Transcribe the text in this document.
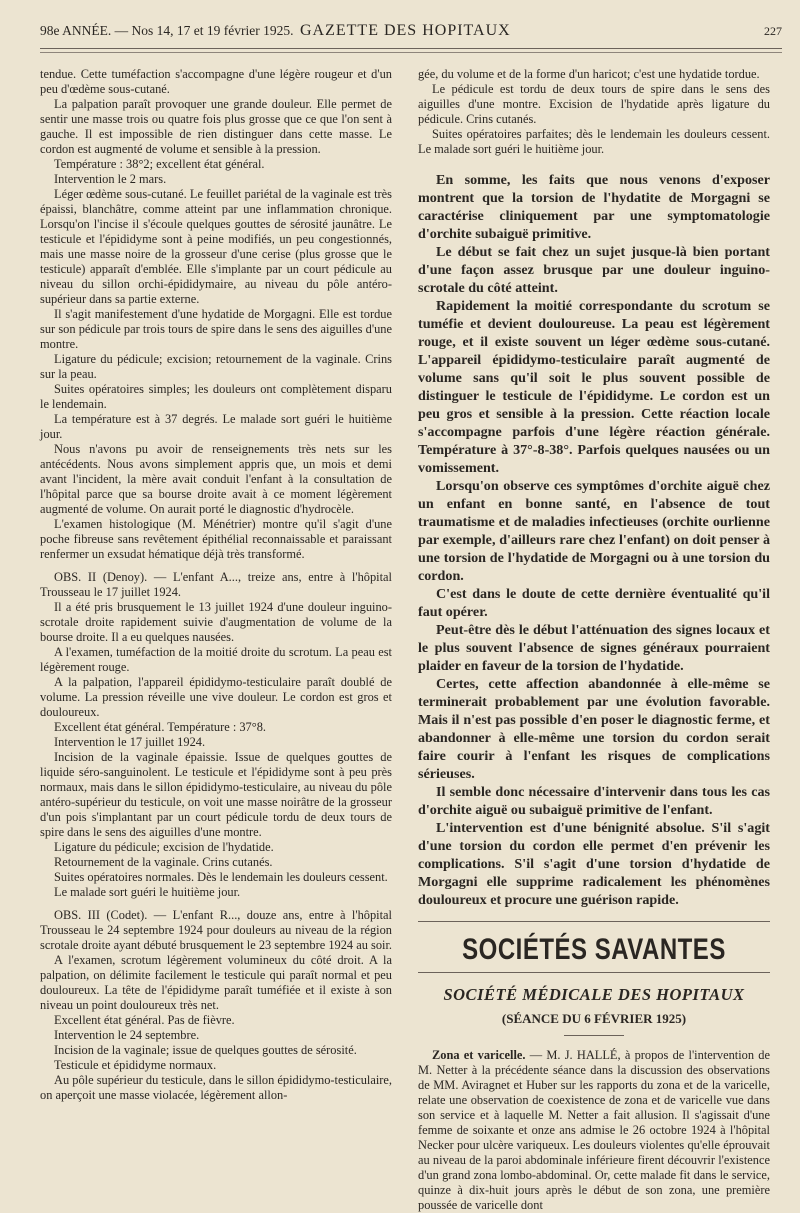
98e ANNÉE. — Nos 14, 17 et 19 février 1925. GAZETTE DES HOPITAUX	227

tendue. Cette tuméfaction s'accompagne d'une légère rougeur et d'un peu d'œdème sous-cutané.

La palpation paraît provoquer une grande douleur. Elle permet de sentir une masse trois ou quatre fois plus grosse que ce que l'on sent à gauche. Il est impossible de rien distinguer dans cette masse. Le cordon est augmenté de volume et sensible à la pression.

Température : 38°2; excellent état général.

Intervention le 2 mars.

Léger œdème sous-cutané. Le feuillet pariétal de la vaginale est très épaissi, blanchâtre, comme atteint par une inflammation chronique. Lorsqu'on l'incise il s'écoule quelques gouttes de sérosité jaunâtre. Le testicule et l'épididyme sont à peine modifiés, un peu congestionnés, mais une masse noire de la grosseur d'une cerise (plus grosse que le testicule) apparaît d'emblée. Elle s'implante par un court pédicule au niveau du sillon orchi-épididymaire, au niveau du pôle antéro-supérieur dans sa partie externe.

Il s'agit manifestement d'une hydatide de Morgagni. Elle est tordue sur son pédicule par trois tours de spire dans le sens des aiguilles d'une montre.

Ligature du pédicule; excision; retournement de la vaginale. Crins sur la peau.

Suites opératoires simples; les douleurs ont complètement disparu le lendemain.

La température est à 37 degrés. Le malade sort guéri le huitième jour.

Nous n'avons pu avoir de renseignements très nets sur les antécédents. Nous avons simplement appris que, un mois et demi avant l'incident, la mère avait conduit l'enfant à la consultation de l'hôpital parce que sa bourse droite avait à ce moment légèrement augmenté de volume. On aurait porté le diagnostic d'hydrocèle.

L'examen histologique (M. Ménétrier) montre qu'il s'agit d'une poche fibreuse sans revêtement épithélial reconnaissable et paraissant renfermer un exsudat hématique déjà très transformé.

OBS. II (Denoy). — L'enfant A..., treize ans, entre à l'hôpital Trousseau le 17 juillet 1924.

Il a été pris brusquement le 13 juillet 1924 d'une douleur inguino-scrotale droite rapidement suivie d'augmentation de volume de la bourse droite. Il a eu quelques nausées.

A l'examen, tuméfaction de la moitié droite du scrotum. La peau est légèrement rouge.

A la palpation, l'appareil épididymo-testiculaire paraît doublé de volume. La pression réveille une vive douleur. Le cordon est gros et douloureux.

Excellent état général. Température : 37°8.

Intervention le 17 juillet 1924.

Incision de la vaginale épaissie. Issue de quelques gouttes de liquide séro-sanguinolent. Le testicule et l'épididyme sont à peu près normaux, mais dans le sillon épididymo-testiculaire, au niveau du pôle antéro-supérieur du testicule, on voit une masse noirâtre de la grosseur d'un pois s'implantant par un court pédicule tordu de deux tours de spire dans le sens des aiguilles d'une montre.

Ligature du pédicule; excision de l'hydatide.

Retournement de la vaginale. Crins cutanés.

Suites opératoires normales. Dès le lendemain les douleurs cessent.

Le malade sort guéri le huitième jour.

OBS. III (Codet). — L'enfant R..., douze ans, entre à l'hôpital Trousseau le 24 septembre 1924 pour douleurs au niveau de la région scrotale droite ayant débuté brusquement le 23 septembre 1924 au soir.

A l'examen, scrotum légèrement volumineux du côté droit. A la palpation, on délimite facilement le testicule qui paraît normal et peu douloureux. La tête de l'épididyme paraît tuméfiée et il existe à son niveau un point douloureux très net.

Excellent état général. Pas de fièvre.

Intervention le 24 septembre.

Incision de la vaginale; issue de quelques gouttes de sérosité.

Testicule et épididyme normaux.

Au pôle supérieur du testicule, dans le sillon épididymo-testiculaire, on aperçoit une masse violacée, légèrement allon-

gée, du volume et de la forme d'un haricot; c'est une hydatide tordue.

Le pédicule est tordu de deux tours de spire dans le sens des aiguilles d'une montre. Excision de l'hydatide après ligature du pédicule. Crins cutanés.

Suites opératoires parfaites; dès le lendemain les douleurs cessent. Le malade sort guéri le huitième jour.

En somme, les faits que nous venons d'exposer montrent que la torsion de l'hydatite de Morgagni se caractérise cliniquement par une symptomatologie d'orchite subaiguë primitive.

Le début se fait chez un sujet jusque-là bien portant d'une façon assez brusque par une douleur inguino-scrotale du côté atteint.

Rapidement la moitié correspondante du scrotum se tuméfie et devient douloureuse. La peau est légèrement rouge, et il existe souvent un léger œdème sous-cutané. L'appareil épididymo-testiculaire paraît augmenté de volume sans qu'il soit le plus souvent possible de distinguer le testicule de l'épididyme. Le cordon est un peu gros et sensible à la pression. Cette réaction locale s'accompagne parfois d'une légère réaction générale. Température à 37°-8-38°. Parfois quelques nausées ou un vomissement.

Lorsqu'on observe ces symptômes d'orchite aiguë chez un enfant en bonne santé, en l'absence de tout traumatisme et de maladies infectieuses (orchite ourlienne par exemple, d'ailleurs rare chez l'enfant) on doit penser à une torsion de l'hydatide de Morgagni ou à une torsion du cordon.

C'est dans le doute de cette dernière éventualité qu'il faut opérer.

Peut-être dès le début l'atténuation des signes locaux et le plus souvent l'absence de signes généraux pourraient plaider en faveur de la torsion de l'hydatide.

Certes, cette affection abandonnée à elle-même se terminerait probablement par une évolution favorable. Mais il n'est pas possible d'en poser le diagnostic ferme, et abandonner à elle-même une torsion du cordon serait faire courir à l'enfant les risques de complications sérieuses.

Il semble donc nécessaire d'intervenir dans tous les cas d'orchite aiguë ou subaiguë primitive de l'enfant.

L'intervention est d'une bénignité absolue. S'il s'agit d'une torsion du cordon elle permet d'en prévenir les complications. S'il s'agit d'une torsion d'hydatide de Morgagni elle supprime radicalement les phénomènes douloureux et procure une guérison rapide.

SOCIÉTÉS SAVANTES
SOCIÉTÉ MÉDICALE DES HOPITAUX
(SÉANCE DU 6 FÉVRIER 1925)

Zona et varicelle. — M. J. HALLÉ, à propos de l'intervention de M. Netter à la précédente séance dans la discussion des observations de MM. Aviragnet et Huber sur les rapports du zona et de la varicelle, relate une observation de coexistence de zona et de varicelle vue dans son service et à laquelle M. Netter a fait allusion. Il s'agissait d'une femme de soixante et onze ans admise le 26 octobre 1924 à l'hôpital Necker pour ulcère variqueux. Les douleurs violentes qu'elle éprouvait au niveau de la paroi abdominale inférieure firent découvrir l'existence d'un grand zona lombo-abdominal. Or, cette malade fit dans le service, quinze à dix-huit jours après le début de son zona, une première poussée de varicelle dont
